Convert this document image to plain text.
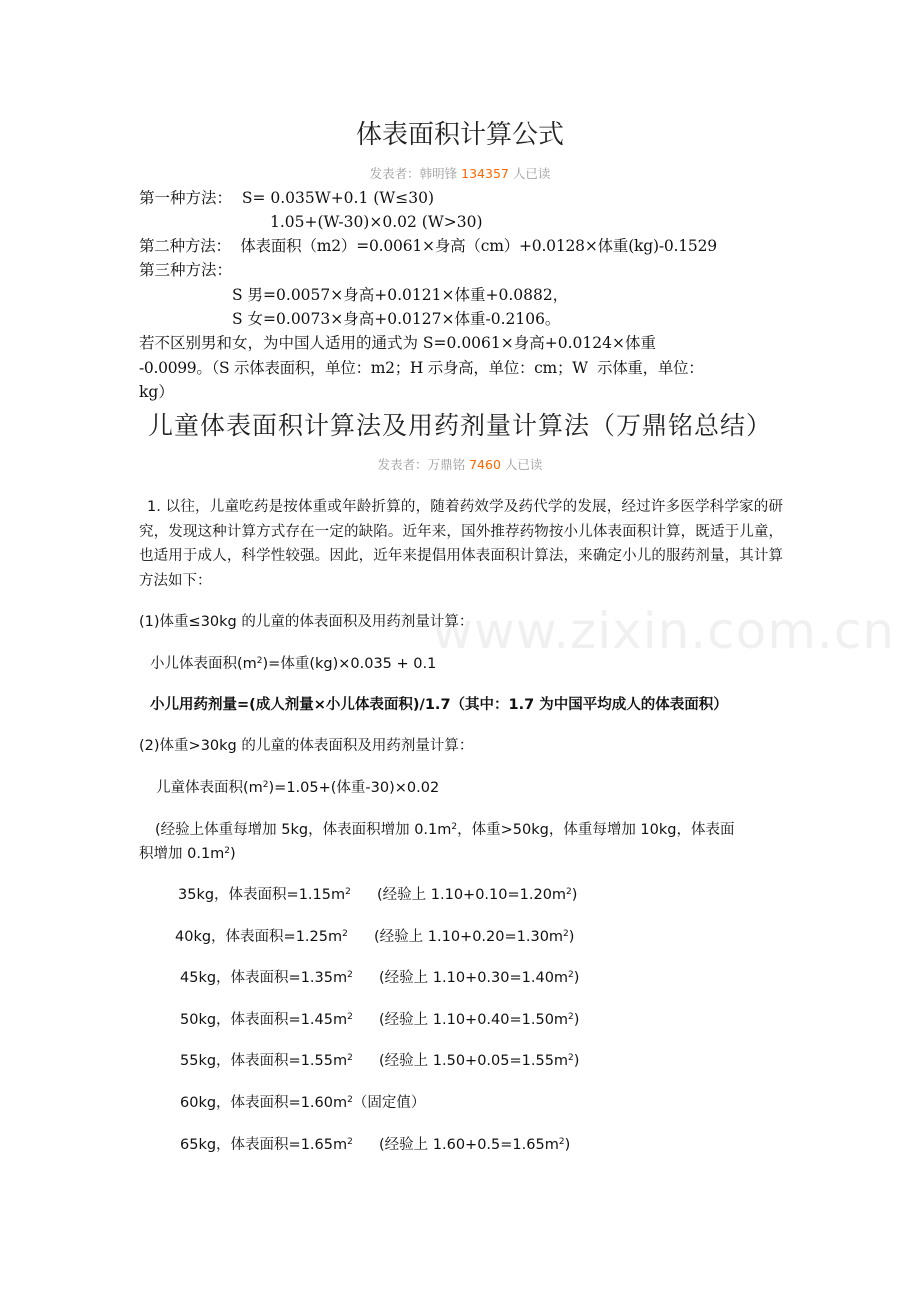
体表面积计算公式
发表者：韩明锋 134357 人已读
第一种方法：  S= 0.035W+0.1 (W≤30)
1.05+(W-30)×0.02 (W>30)
第二种方法：  体表面积（m2）=0.0061×身高（cm）+0.0128×体重(kg)-0.1529
第三种方法：
S 男=0.0057×身高+0.0121×体重+0.0882，
S 女=0.0073×身高+0.0127×体重-0.2106。
若不区别男和女，为中国人适用的通式为 S=0.0061×身高+0.0124×体重
-0.0099。（S 示体表面积，单位：m2；H 示身高，单位：cm；W  示体重，单位：
kg）
儿童体表面积计算法及用药剂量计算法（万鼎铭总结）
发表者：万鼎铭 7460 人已读
www.zixin.com.cn
1. 以往，儿童吃药是按体重或年龄折算的，随着药效学及药代学的发展，经过许多医学科学家的研究，发现这种计算方式存在一定的缺陷。近年来，国外推荐药物按小儿体表面积计算，既适于儿童，也适用于成人，科学性较强。因此，近年来提倡用体表面积计算法，来确定小儿的服药剂量，其计算方法如下：
(1)体重≤30kg 的儿童的体表面积及用药剂量计算：
小儿体表面积$(m^2)=$体重(kg)×0.035 + 0.1
小儿用药剂量=(成人剂量×小儿体表面积)/1.7（其中：1.7 为中国平均成人的体表面积）
(2)体重>30kg 的儿童的体表面积及用药剂量计算：
儿童体表面积$(m^2)=1.05+$(体重-30)×0.02
(经验上体重每增加 5kg，体表面积增加 $0.1m^2$，体重>50kg，体重每增加 10kg，体表面
积增加 $0.1m^2$)
35kg，体表面积$=1.15m^2$ (经验上 $1.10+0.10=1.20m^2$)
40kg，体表面积$=1.25m^2$ (经验上 $1.10+0.20=1.30m^2$)
45kg，体表面积$=1.35m^2$ (经验上 $1.10+0.30=1.40m^2$)
50kg，体表面积$=1.45m^2$ (经验上 $1.10+0.40=1.50m^2$)
55kg，体表面积$=1.55m^2$ (经验上 $1.50+0.05=1.55m^2$)
60kg，体表面积$=1.60m^2$（固定值）
65kg，体表面积$=1.65m^2$ (经验上 $1.60+0.5=1.65m^2$)
